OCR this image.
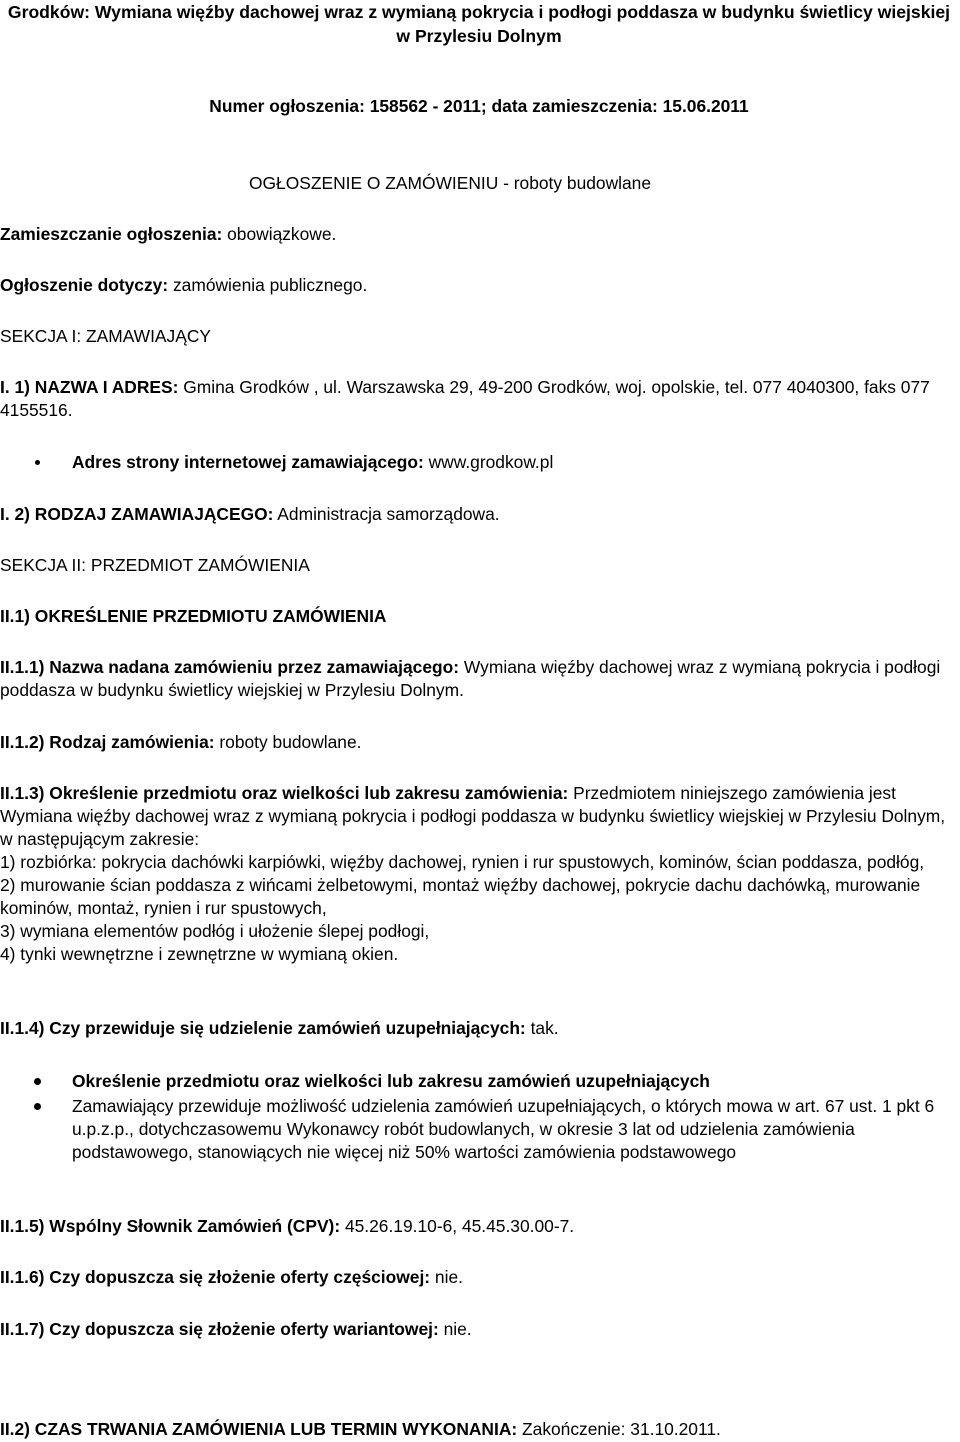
Grodków: Wymiana więźby dachowej wraz z wymianą pokrycia i podłogi poddasza w budynku świetlicy wiejskiej w Przylesiu Dolnym

Numer ogłoszenia: 158562 - 2011; data zamieszczenia: 15.06.2011

OGŁOSZENIE O ZAMÓWIENIU - roboty budowlane

Zamieszczanie ogłoszenia: obowiązkowe.

Ogłoszenie dotyczy: zamówienia publicznego.

SEKCJA I: ZAMAWIAJĄCY

I. 1) NAZWA I ADRES: Gmina Grodków , ul. Warszawska 29, 49-200 Grodków, woj. opolskie, tel. 077 4040300, faks 077 4155516.

Adres strony internetowej zamawiającego: www.grodkow.pl

I. 2) RODZAJ ZAMAWIAJĄCEGO: Administracja samorządowa.

SEKCJA II: PRZEDMIOT ZAMÓWIENIA

II.1) OKREŚLENIE PRZEDMIOTU ZAMÓWIENIA

II.1.1) Nazwa nadana zamówieniu przez zamawiającego: Wymiana więźby dachowej wraz z wymianą pokrycia i podłogi poddasza w budynku świetlicy wiejskiej w Przylesiu Dolnym.

II.1.2) Rodzaj zamówienia: roboty budowlane.

II.1.3) Określenie przedmiotu oraz wielkości lub zakresu zamówienia: Przedmiotem niniejszego zamówienia jest Wymiana więźby dachowej wraz z wymianą pokrycia i podłogi poddasza w budynku świetlicy wiejskiej w Przylesiu Dolnym, w następującym zakresie:

1) rozbiórka: pokrycia dachówki karpiówki, więźby dachowej, rynien i rur spustowych, kominów, ścian poddasza, podłóg,
2) murowanie ścian poddasza z wińcami żelbetowymi, montaż więźby dachowej, pokrycie dachu dachówką, murowanie kominów, montaż, rynien i rur spustowych,
3) wymiana elementów podłóg i ułożenie ślepej podłogi,
4) tynki wewnętrzne i zewnętrzne w wymianą okien.

II.1.4) Czy przewiduje się udzielenie zamówień uzupełniających: tak.

Określenie przedmiotu oraz wielkości lub zakresu zamówień uzupełniających

Zamawiający przewiduje możliwość udzielenia zamówień uzupełniających, o których mowa w art. 67 ust. 1 pkt 6 u.p.z.p., dotychczasowemu Wykonawcy robót budowlanych, w okresie 3 lat od udzielenia zamówienia podstawowego, stanowiących nie więcej niż 50% wartości zamówienia podstawowego

II.1.5) Wspólny Słownik Zamówień (CPV): 45.26.19.10-6, 45.45.30.00-7.

II.1.6) Czy dopuszcza się złożenie oferty częściowej: nie.

II.1.7) Czy dopuszcza się złożenie oferty wariantowej: nie.

II.2) CZAS TRWANIA ZAMÓWIENIA LUB TERMIN WYKONANIA: Zakończenie: 31.10.2011.
